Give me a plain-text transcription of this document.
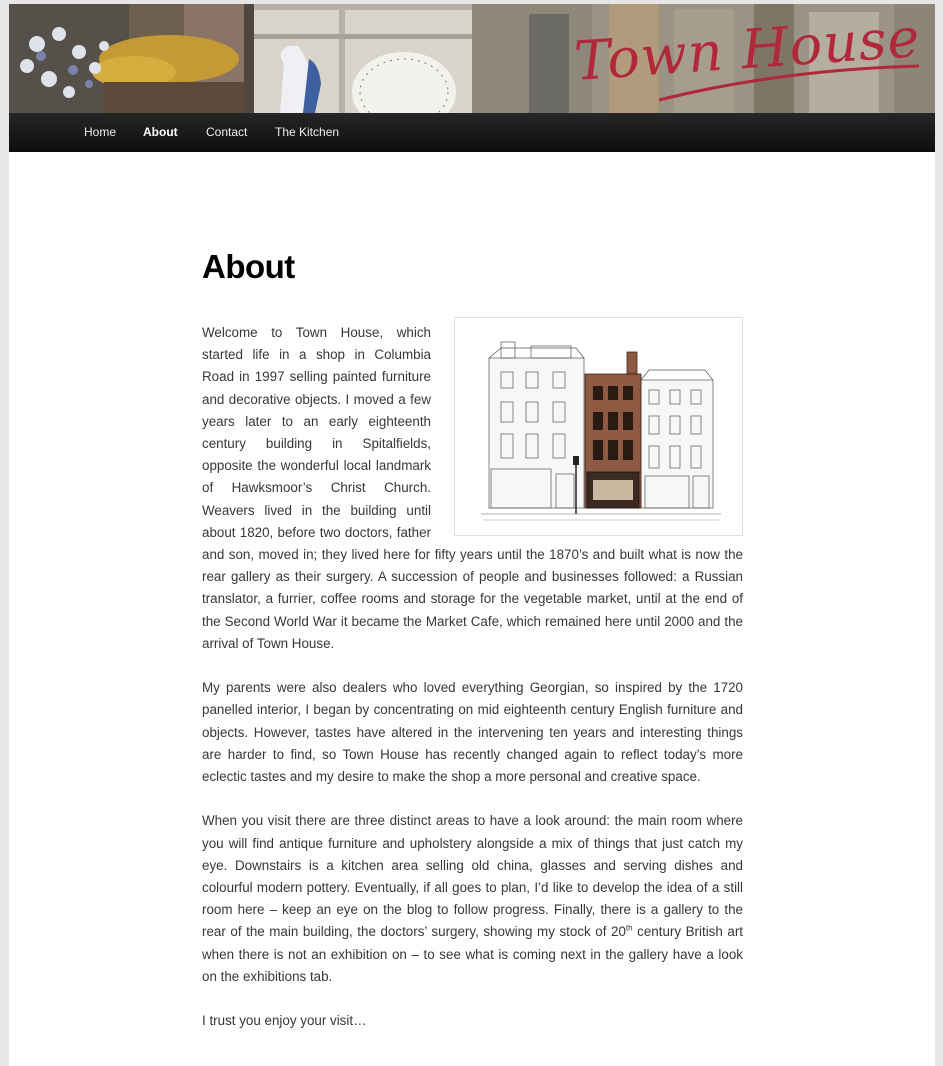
Town House
Home About Contact The Kitchen
About

Welcome to Town House, which started life in a shop in Columbia Road in 1997 selling painted furniture and decorative objects. I moved a few years later to an early eighteenth century building in Spitalfields, opposite the wonderful local landmark of Hawksmoor’s Christ Church. Weavers lived in the building until about 1820, before two doctors, father and son, moved in; they lived here for fifty years until the 1870’s and built what is now the rear gallery as their surgery. A succession of people and businesses followed: a Russian translator, a furrier, coffee rooms and storage for the vegetable market, until at the end of the Second World War it became the Market Cafe, which remained here until 2000 and the arrival of Town House.

My parents were also dealers who loved everything Georgian, so inspired by the 1720 panelled interior, I began by concentrating on mid eighteenth century English furniture and objects. However, tastes have altered in the intervening ten years and interesting things are harder to find, so Town House has recently changed again to reflect today’s more eclectic tastes and my desire to make the shop a more personal and creative space.

When you visit there are three distinct areas to have a look around: the main room where you will find antique furniture and upholstery alongside a mix of things that just catch my eye. Downstairs is a kitchen area selling old china, glasses and serving dishes and colourful modern pottery. Eventually, if all goes to plan, I’d like to develop the idea of a still room here – keep an eye on the blog to follow progress. Finally, there is a gallery to the rear of the main building, the doctors’ surgery, showing my stock of 20th century British art when there is not an exhibition on – to see what is coming next in the gallery have a look on the exhibitions tab.

I trust you enjoy your visit…
